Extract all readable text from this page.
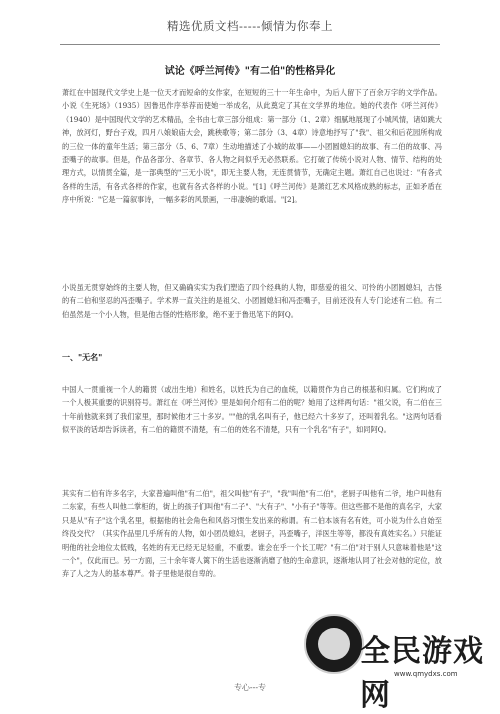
精选优质文档-----倾情为你奉上
试论《呼兰河传》"有二伯"的性格异化

萧红在中国现代文学史上是一位天才而短命的女作家，在短短的三十一年生命中，为后人留下了百余万字的文学作品。小说《生死场》（1935）因鲁迅作序举荐而使她一举成名，从此奠定了其在文学界的地位。她的代表作《呼兰河传》（1940）是中国现代文学的艺术精品，全书由七章三部分组成：第一部分（1、2章）细腻地展现了小城风情，诸如跳大神，放河灯，野台子戏，四月八娘娘庙大会，跳秧歌等；第二部分（3、4章）诗意地抒写了"我"、祖父和后花园所构成的三位一体的童年生活；第三部分（5、6、7章）生动地描述了小城的故事——小团圆媳妇的故事、有二伯的故事、冯歪嘴子的故事。但是，作品各部分、各章节、各人物之间似乎无必然联系。它打破了传统小说对人物、情节、结构的处理方式，以情贯全篇，是一部典型的"三无小说"，即无主要人物，无连贯情节，无确定主题。萧红自己也说过："有各式各样的生活，有各式各样的作家，也就有各式各样的小说。"[1]《呼兰河传》是萧红艺术风格成熟的标志，正如矛盾在序中所说："它是一篇叙事诗，一幅多彩的风景画，一串凄婉的歌谣。"[2]。

小说虽无贯穿始终的主要人物，但又确确实实为我们塑造了四个经典的人物，即慈爱的祖父、可怜的小团圆媳妇，古怪的有二伯和坚忍的冯歪嘴子。学术界一直关注的是祖父、小团圆媳妇和冯歪嘴子，目前还没有人专门论述有二伯。有二伯虽然是一个小人物，但是他古怪的性格形象，绝不亚于鲁迅笔下的阿Q。

一、"无名"

中国人一贯重视一个人的籍贯（或出生地）和姓名，以姓氏为自己的血统，以籍贯作为自己的根基和归属。它们构成了一个人极其重要的识别符号。萧红在《呼兰河传》里是如何介绍有二伯的呢？她用了这样两句话："祖父说，有二伯在三十年前他就来到了我们家里，那时候他才三十多岁。""他的乳名叫有子，他已经六十多岁了，还叫着乳名。"这两句话看似平淡的话却告诉读者，有二伯的籍贯不清楚，有二伯的姓名不清楚，只有一个乳名"有子"，如同阿Q。

其实有二伯有许多名字，大家普遍叫他"有二伯"，祖父叫他"有子"，"我"叫他"有二伯"，老厨子叫他有二爷，地户叫他有二东家，有些人叫他二掌柜的，街上的孩子们叫他"有二子"、"大有子"、"小有子"等等。但这些都不是他的真名字，大家只是从"有子"这个乳名里，根据他的社会角色和风俗习惯生发出来的称谓。有二伯本该有名有姓，可小说为什么自始至终没交代？（其实作品里几乎所有的人物，如小团员媳妇，老厨子，冯歪嘴子，洋医生等等，都没有真姓实名。）只能证明他的社会地位太低贱，名姓的有无已经无足轻重，不重要。谁会在乎一个长工呢？"有二伯"对于别人只意味着他是"这一个"，仅此而已。另一方面，三十余年寄人篱下的生活也逐渐消磨了他的生命意识，逐渐地认同了社会对他的定位，放弃了人之为人的基本尊严。骨子里他是很自卑的。

专心---专
全民游戏网
www.qmydxs.com
